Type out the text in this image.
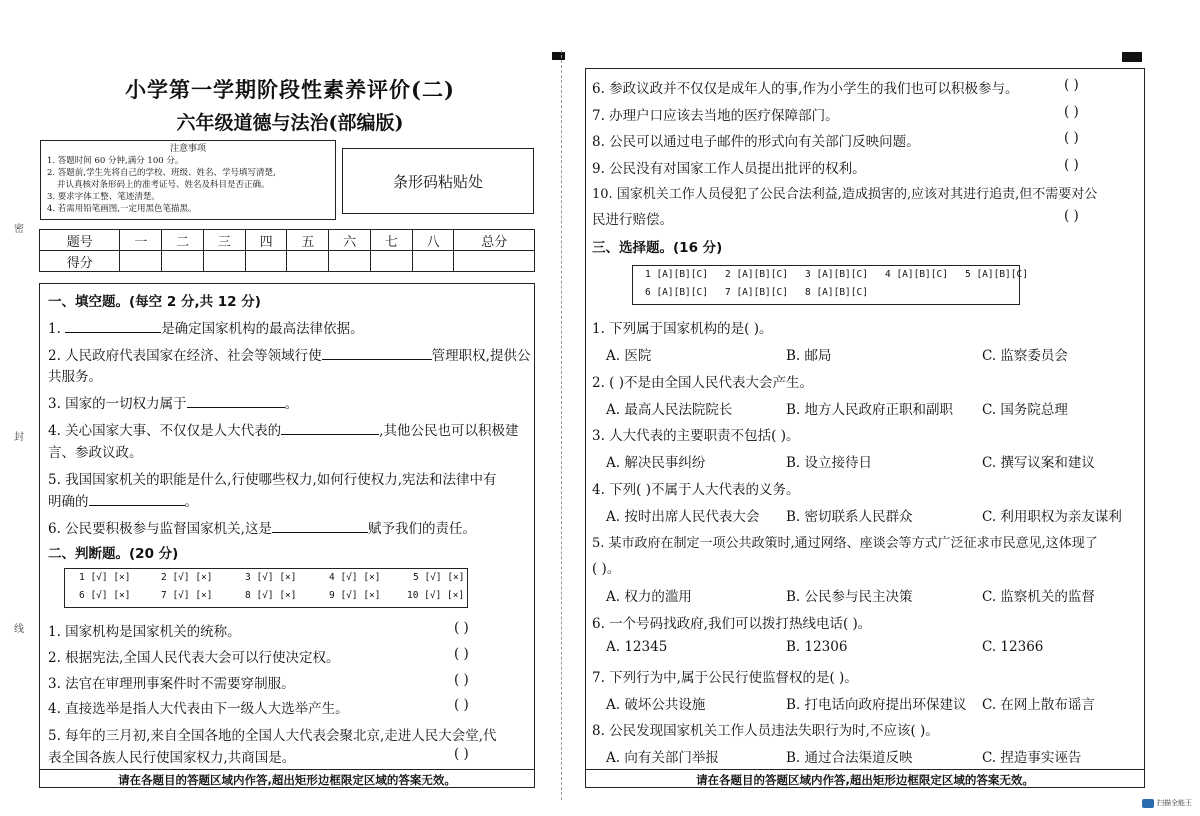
密
封
线
小学第一学期阶段性素养评价(二)
六年级道德与法治(部编版)
注意事项
1. 答题时间 60 分钟,满分 100 分。
2. 答题前,学生先将自己的学校、班级、姓名、学号填写清楚,
并认真核对条形码上的准考证号、姓名及科目是否正确。
3. 要求字体工整、笔迹清楚。
4. 若需用铅笔画图,一定用黑色笔描黑。
条形码粘贴处
题号	一	二	三	四	五	六	七	八	总分
得分									
一、填空题。(每空 2 分,共 12 分)
1.	是确定国家机构的最高法律依据。
2. 人民政府代表国家在经济、社会等领域行使	管理职权,提供公
共服务。
3. 国家的一切权力属于	。
4. 关心国家大事、不仅仅是人大代表的	,其他公民也可以积极建
言、参政议政。
5. 我国国家机关的职能是什么,行使哪些权力,如何行使权力,宪法和法律中有
明确的	。
6. 公民要积极参与监督国家机关,这是	赋予我们的责任。
二、判断题。(20 分)
1 [√] [×]	2 [√] [×]	3 [√] [×]	4 [√] [×]	5 [√] [×]
6 [√] [×]	7 [√] [×]	8 [√] [×]	9 [√] [×]	10 [√] [×]
1. 国家机构是国家机关的统称。	( )
2. 根据宪法,全国人民代表大会可以行使决定权。	( )
3. 法官在审理刑事案件时不需要穿制服。	( )
4. 直接选举是指人大代表由下一级人大选举产生。	( )
5. 每年的三月初,来自全国各地的全国人大代表会聚北京,走进人民大会堂,代
表全国各族人民行使国家权力,共商国是。	( )
请在各题目的答题区域内作答,超出矩形边框限定区域的答案无效。
6. 参政议政并不仅仅是成年人的事,作为小学生的我们也可以积极参与。	( )
7. 办理户口应该去当地的医疗保障部门。	( )
8. 公民可以通过电子邮件的形式向有关部门反映问题。	( )
9. 公民没有对国家工作人员提出批评的权利。	( )
10. 国家机关工作人员侵犯了公民合法利益,造成损害的,应该对其进行追责,但不需要对公
民进行赔偿。	( )
三、选择题。(16 分)
1 [A][B][C] 2 [A][B][C] 3 [A][B][C] 4 [A][B][C] 5 [A][B][C]
6 [A][B][C] 7 [A][B][C] 8 [A][B][C]
1. 下列属于国家机构的是( )。
A. 医院	B. 邮局	C. 监察委员会
2. ( )不是由全国人民代表大会产生。
A. 最高人民法院院长	B. 地方人民政府正职和副职 C. 国务院总理
3. 人大代表的主要职责不包括( )。
A. 解决民事纠纷	B. 设立接待日	C. 撰写议案和建议
4. 下列( )不属于人大代表的义务。
A. 按时出席人民代表大会 B. 密切联系人民群众	C. 利用职权为亲友谋利
5. 某市政府在制定一项公共政策时,通过网络、座谈会等方式广泛征求市民意见,这体现了
( )。
A. 权力的滥用	B. 公民参与民主决策	C. 监察机关的监督
6. 一个号码找政府,我们可以拨打热线电话( )。
A. 12345	B. 12306	C. 12366
7. 下列行为中,属于公民行使监督权的是( )。
A. 破坏公共设施	B. 打电话向政府提出环保建议 C. 在网上散布谣言
8. 公民发现国家机关工作人员违法失职行为时,不应该( )。
A. 向有关部门举报	B. 通过合法渠道反映	C. 捏造事实诬告
请在各题目的答题区域内作答,超出矩形边框限定区域的答案无效。
扫描全能王
